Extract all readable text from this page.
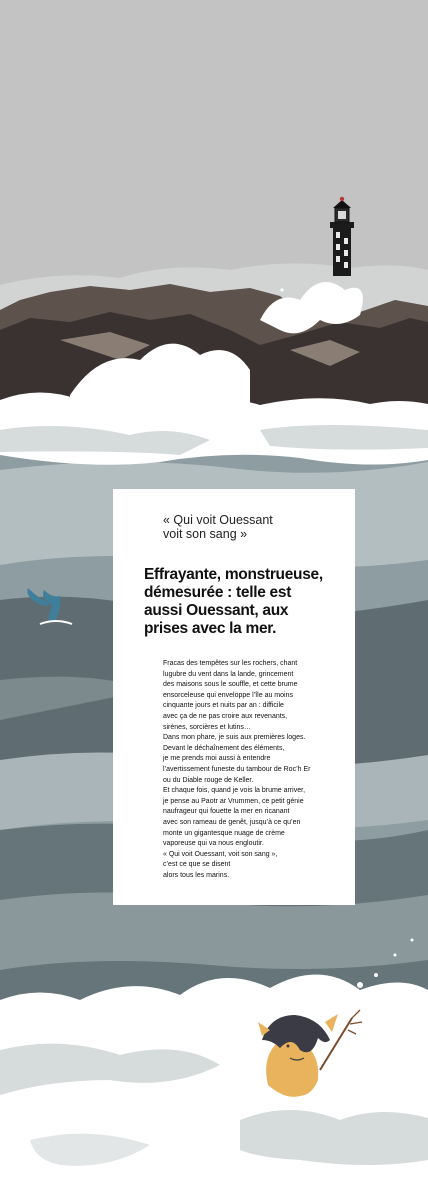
« Qui voit Ouessant
voit son sang »
Effrayante, monstrueuse,
démesurée : telle est
aussi Ouessant, aux
prises avec la mer.
Fracas des tempêtes sur les rochers, chant
lugubre du vent dans la lande, grincement
des maisons sous le souffle, et cette brume
ensorceleuse qui enveloppe l’île au moins
cinquante jours et nuits par an : difficile
avec ça de ne pas croire aux revenants,
sirènes, sorcières et lutins…
Dans mon phare, je suis aux premières loges.
Devant le déchaînement des éléments,
je me prends moi aussi à entendre
l’avertissement funeste du tambour de Roc’h Er
ou du Diable rouge de Keller.
Et chaque fois, quand je vois la brume arriver,
je pense au Paotr ar Vrummen, ce petit génie
naufrageur qui fouette la mer en ricanant
avec son rameau de genêt, jusqu’à ce qu’en
monte un gigantesque nuage de crème
vaporeuse qui va nous engloutir.
« Qui voit Ouessant, voit son sang »,
c’est ce que se disent
alors tous les marins.
